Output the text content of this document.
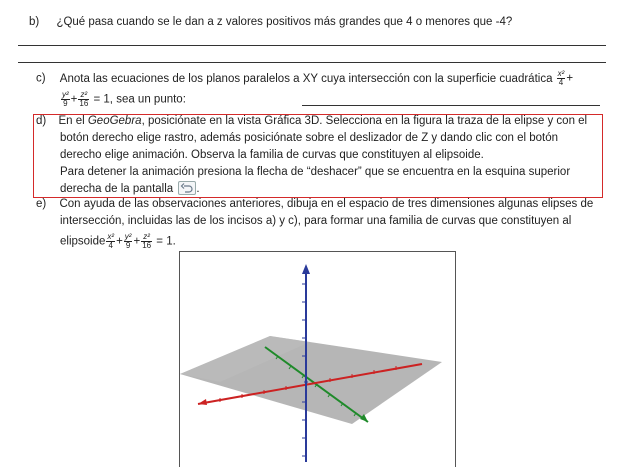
b) ¿Qué pasa cuando se le dan a z valores positivos más grandes que 4 o menores que -4?
c) Anota las ecuaciones de los planos paralelos a XY cuya intersección con la superficie cuadrática $\frac{\text{x²}}{4}$ +
$\frac{\text{y²}}{9} + \frac{\text{z²}}{16} = 1$, sea un punto:
d) En el GeoGebra, posiciónate en la vista Gráfica 3D. Selecciona en la figura la traza de la elipse y con el
botón derecho elige rastro, además posiciónate sobre el deslizador de Z y dando clic con el botón
derecho elige animación. Observa la familia de curvas que constituyen al elipsoide.
Para detener la animación presiona la flecha de “deshacer” que se encuentra en la esquina superior
derecha de la pantalla .
e) Con ayuda de las observaciones anteriores, dibuja en el espacio de tres dimensiones algunas elipses de
intersección, incluidas las de los incisos a) y c), para formar una familia de curvas que constituyen al
elipsoide $\frac{\text{x²}}{4} + \frac{\text{y²}}{9} + \frac{\text{z²}}{16} = 1$.
